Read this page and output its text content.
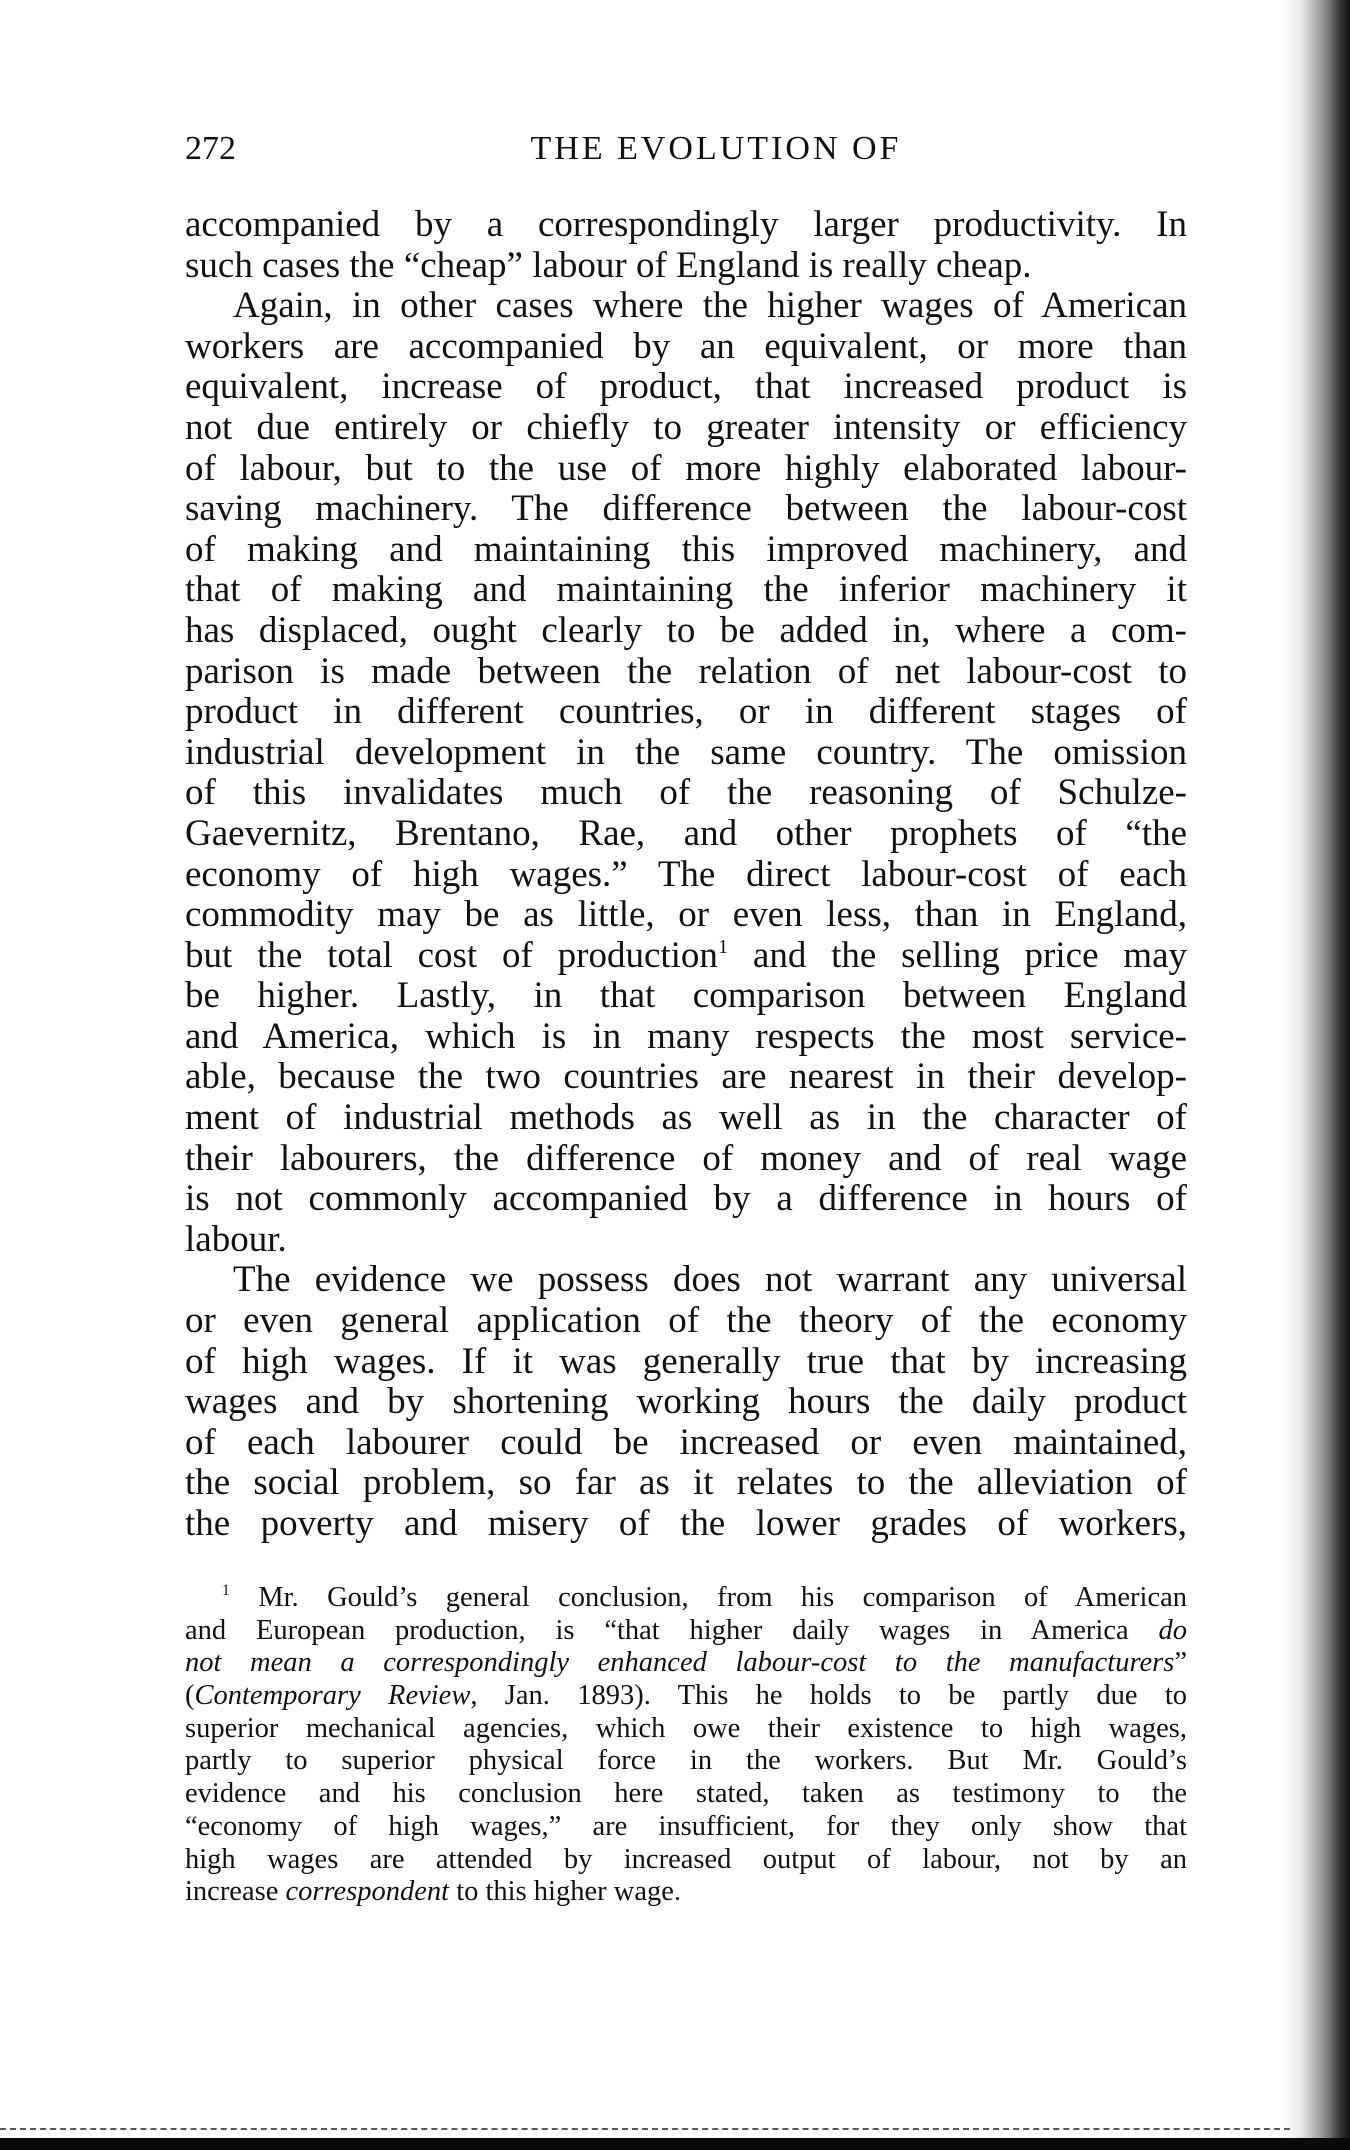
272	THE EVOLUTION OF
accompanied by a correspondingly larger productivity. In
such cases the “cheap” labour of England is really cheap.
Again, in other cases where the higher wages of American
workers are accompanied by an equivalent, or more than
equivalent, increase of product, that increased product is
not due entirely or chiefly to greater intensity or efficiency
of labour, but to the use of more highly elaborated labour-
saving machinery. The difference between the labour-cost
of making and maintaining this improved machinery, and
that of making and maintaining the inferior machinery it
has displaced, ought clearly to be added in, where a com-
parison is made between the relation of net labour-cost to
product in different countries, or in different stages of
industrial development in the same country. The omission
of this invalidates much of the reasoning of Schulze-
Gaevernitz, Brentano, Rae, and other prophets of “the
economy of high wages.” The direct labour-cost of each
commodity may be as little, or even less, than in England,
but the total cost of production$^1$ and the selling price may
be higher. Lastly, in that comparison between England
and America, which is in many respects the most service-
able, because the two countries are nearest in their develop-
ment of industrial methods as well as in the character of
their labourers, the difference of money and of real wage
is not commonly accompanied by a difference in hours of
labour.
The evidence we possess does not warrant any universal
or even general application of the theory of the economy
of high wages. If it was generally true that by increasing
wages and by shortening working hours the daily product
of each labourer could be increased or even maintained,
the social problem, so far as it relates to the alleviation of
the poverty and misery of the lower grades of workers,
$^1$ Mr. Gould’s general conclusion, from his comparison of American
and European production, is “that higher daily wages in America do
not mean a correspondingly enhanced labour-cost to the manufacturers”
(Contemporary Review, Jan. 1893). This he holds to be partly due to
superior mechanical agencies, which owe their existence to high wages,
partly to superior physical force in the workers. But Mr. Gould’s
evidence and his conclusion here stated, taken as testimony to the
“economy of high wages,” are insufficient, for they only show that
high wages are attended by increased output of labour, not by an
increase correspondent to this higher wage.
